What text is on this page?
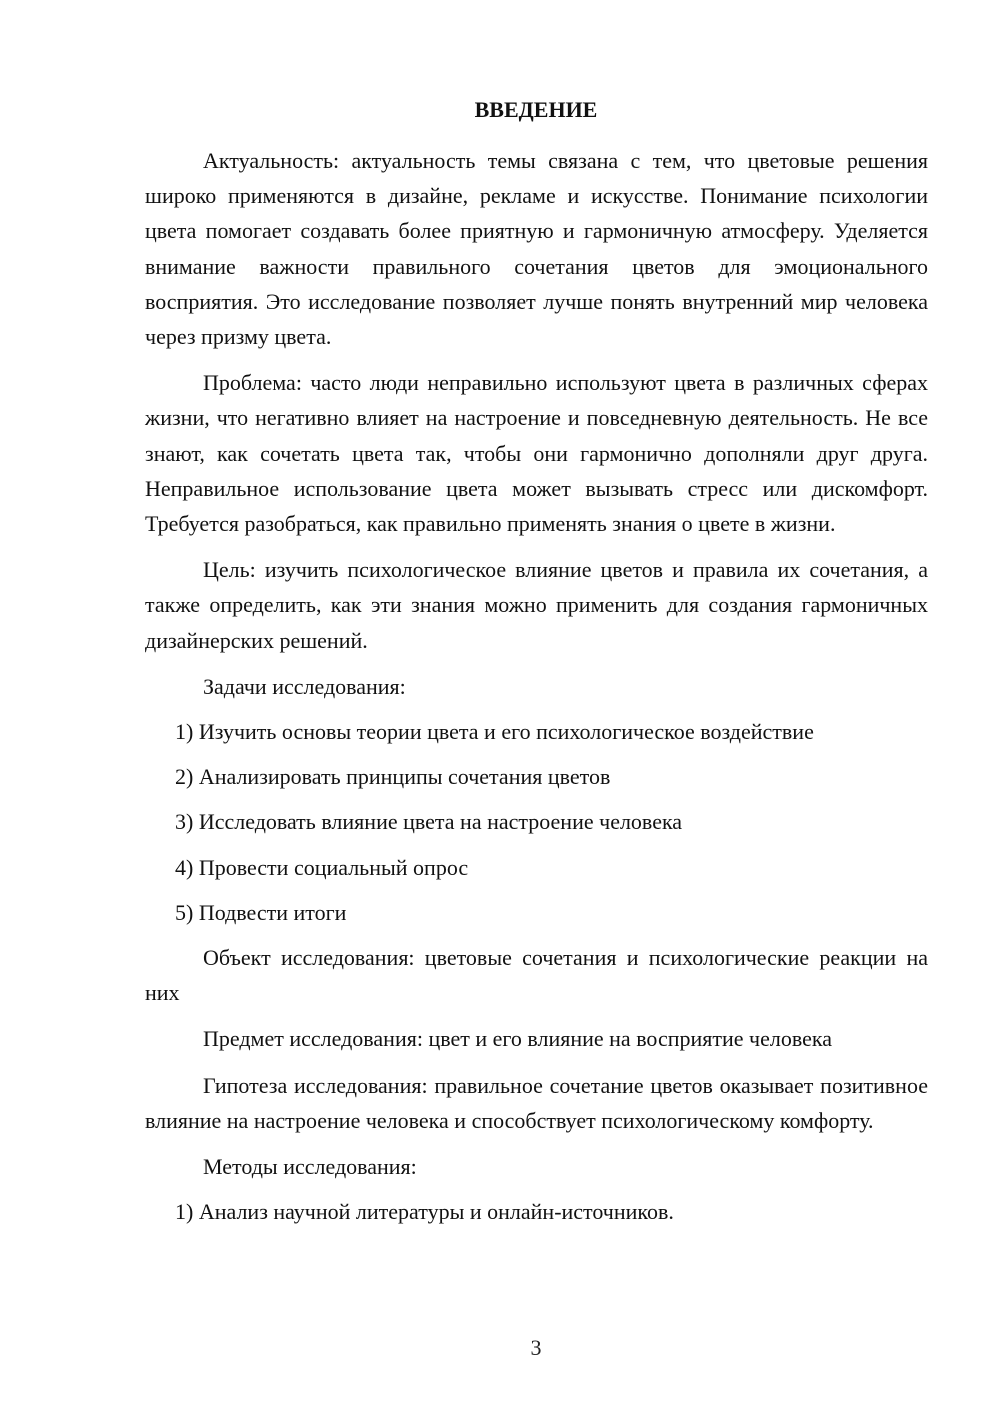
ВВЕДЕНИЕ

Актуальность: актуальность темы связана с тем, что цветовые решения широко применяются в дизайне, рекламе и искусстве. Понимание психологии цвета помогает создавать более приятную и гармоничную атмосферу. Уделяется внимание важности правильного сочетания цветов для эмоционального восприятия. Это исследование позволяет лучше понять внутренний мир человека через призму цвета.

Проблема: часто люди неправильно используют цвета в различных сферах жизни, что негативно влияет на настроение и повседневную деятельность. Не все знают, как сочетать цвета так, чтобы они гармонично дополняли друг друга. Неправильное использование цвета может вызывать стресс или дискомфорт. Требуется разобраться, как правильно применять знания о цвете в жизни.

Цель: изучить психологическое влияние цветов и правила их сочетания, а также определить, как эти знания можно применить для создания гармоничных дизайнерских решений.

Задачи исследования:
1) Изучить основы теории цвета и его психологическое воздействие
2) Анализировать принципы сочетания цветов
3) Исследовать влияние цвета на настроение человека
4) Провести социальный опрос
5) Подвести итоги

Объект исследования: цветовые сочетания и психологические реакции на них

Предмет исследования: цвет и его влияние на восприятие человека

Гипотеза исследования: правильное сочетание цветов оказывает позитивное влияние на настроение человека и способствует психологическому комфорту.

Методы исследования:
1) Анализ научной литературы и онлайн-источников.
3
